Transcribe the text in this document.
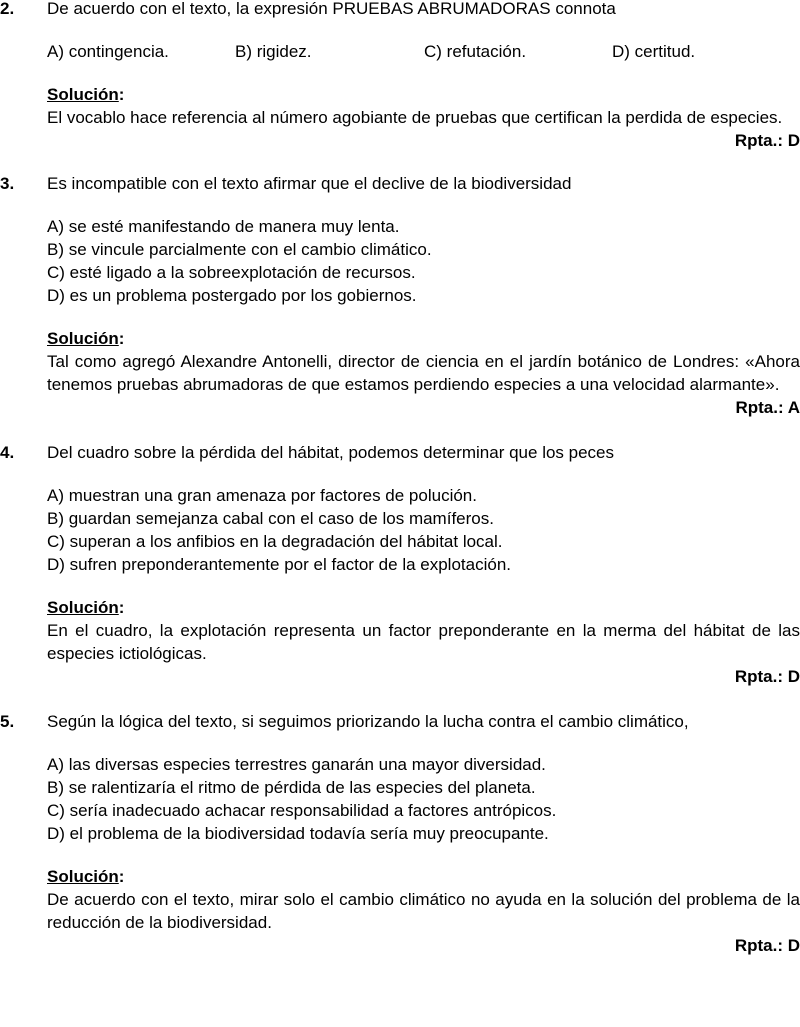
2. De acuerdo con el texto, la expresión PRUEBAS ABRUMADORAS connota
A) contingencia.	B) rigidez.	C) refutación.	D) certitud.
Solución:
El vocablo hace referencia al número agobiante de pruebas que certifican la perdida de especies.
Rpta.: D
3. Es incompatible con el texto afirmar que el declive de la biodiversidad
A) se esté manifestando de manera muy lenta.
B) se vincule parcialmente con el cambio climático.
C) esté ligado a la sobreexplotación de recursos.
D) es un problema postergado por los gobiernos.
Solución:
Tal como agregó Alexandre Antonelli, director de ciencia en el jardín botánico de Londres: «Ahora tenemos pruebas abrumadoras de que estamos perdiendo especies a una velocidad alarmante».
Rpta.: A
4. Del cuadro sobre la pérdida del hábitat, podemos determinar que los peces
A) muestran una gran amenaza por factores de polución.
B) guardan semejanza cabal con el caso de los mamíferos.
C) superan a los anfibios en la degradación del hábitat local.
D) sufren preponderantemente por el factor de la explotación.
Solución:
En el cuadro, la explotación representa un factor preponderante en la merma del hábitat de las especies ictiológicas.
Rpta.: D
5. Según la lógica del texto, si seguimos priorizando la lucha contra el cambio climático,
A) las diversas especies terrestres ganarán una mayor diversidad.
B) se ralentizaría el ritmo de pérdida de las especies del planeta.
C) sería inadecuado achacar responsabilidad a factores antrópicos.
D) el problema de la biodiversidad todavía sería muy preocupante.
Solución:
De acuerdo con el texto, mirar solo el cambio climático no ayuda en la solución del problema de la reducción de la biodiversidad.
Rpta.: D
